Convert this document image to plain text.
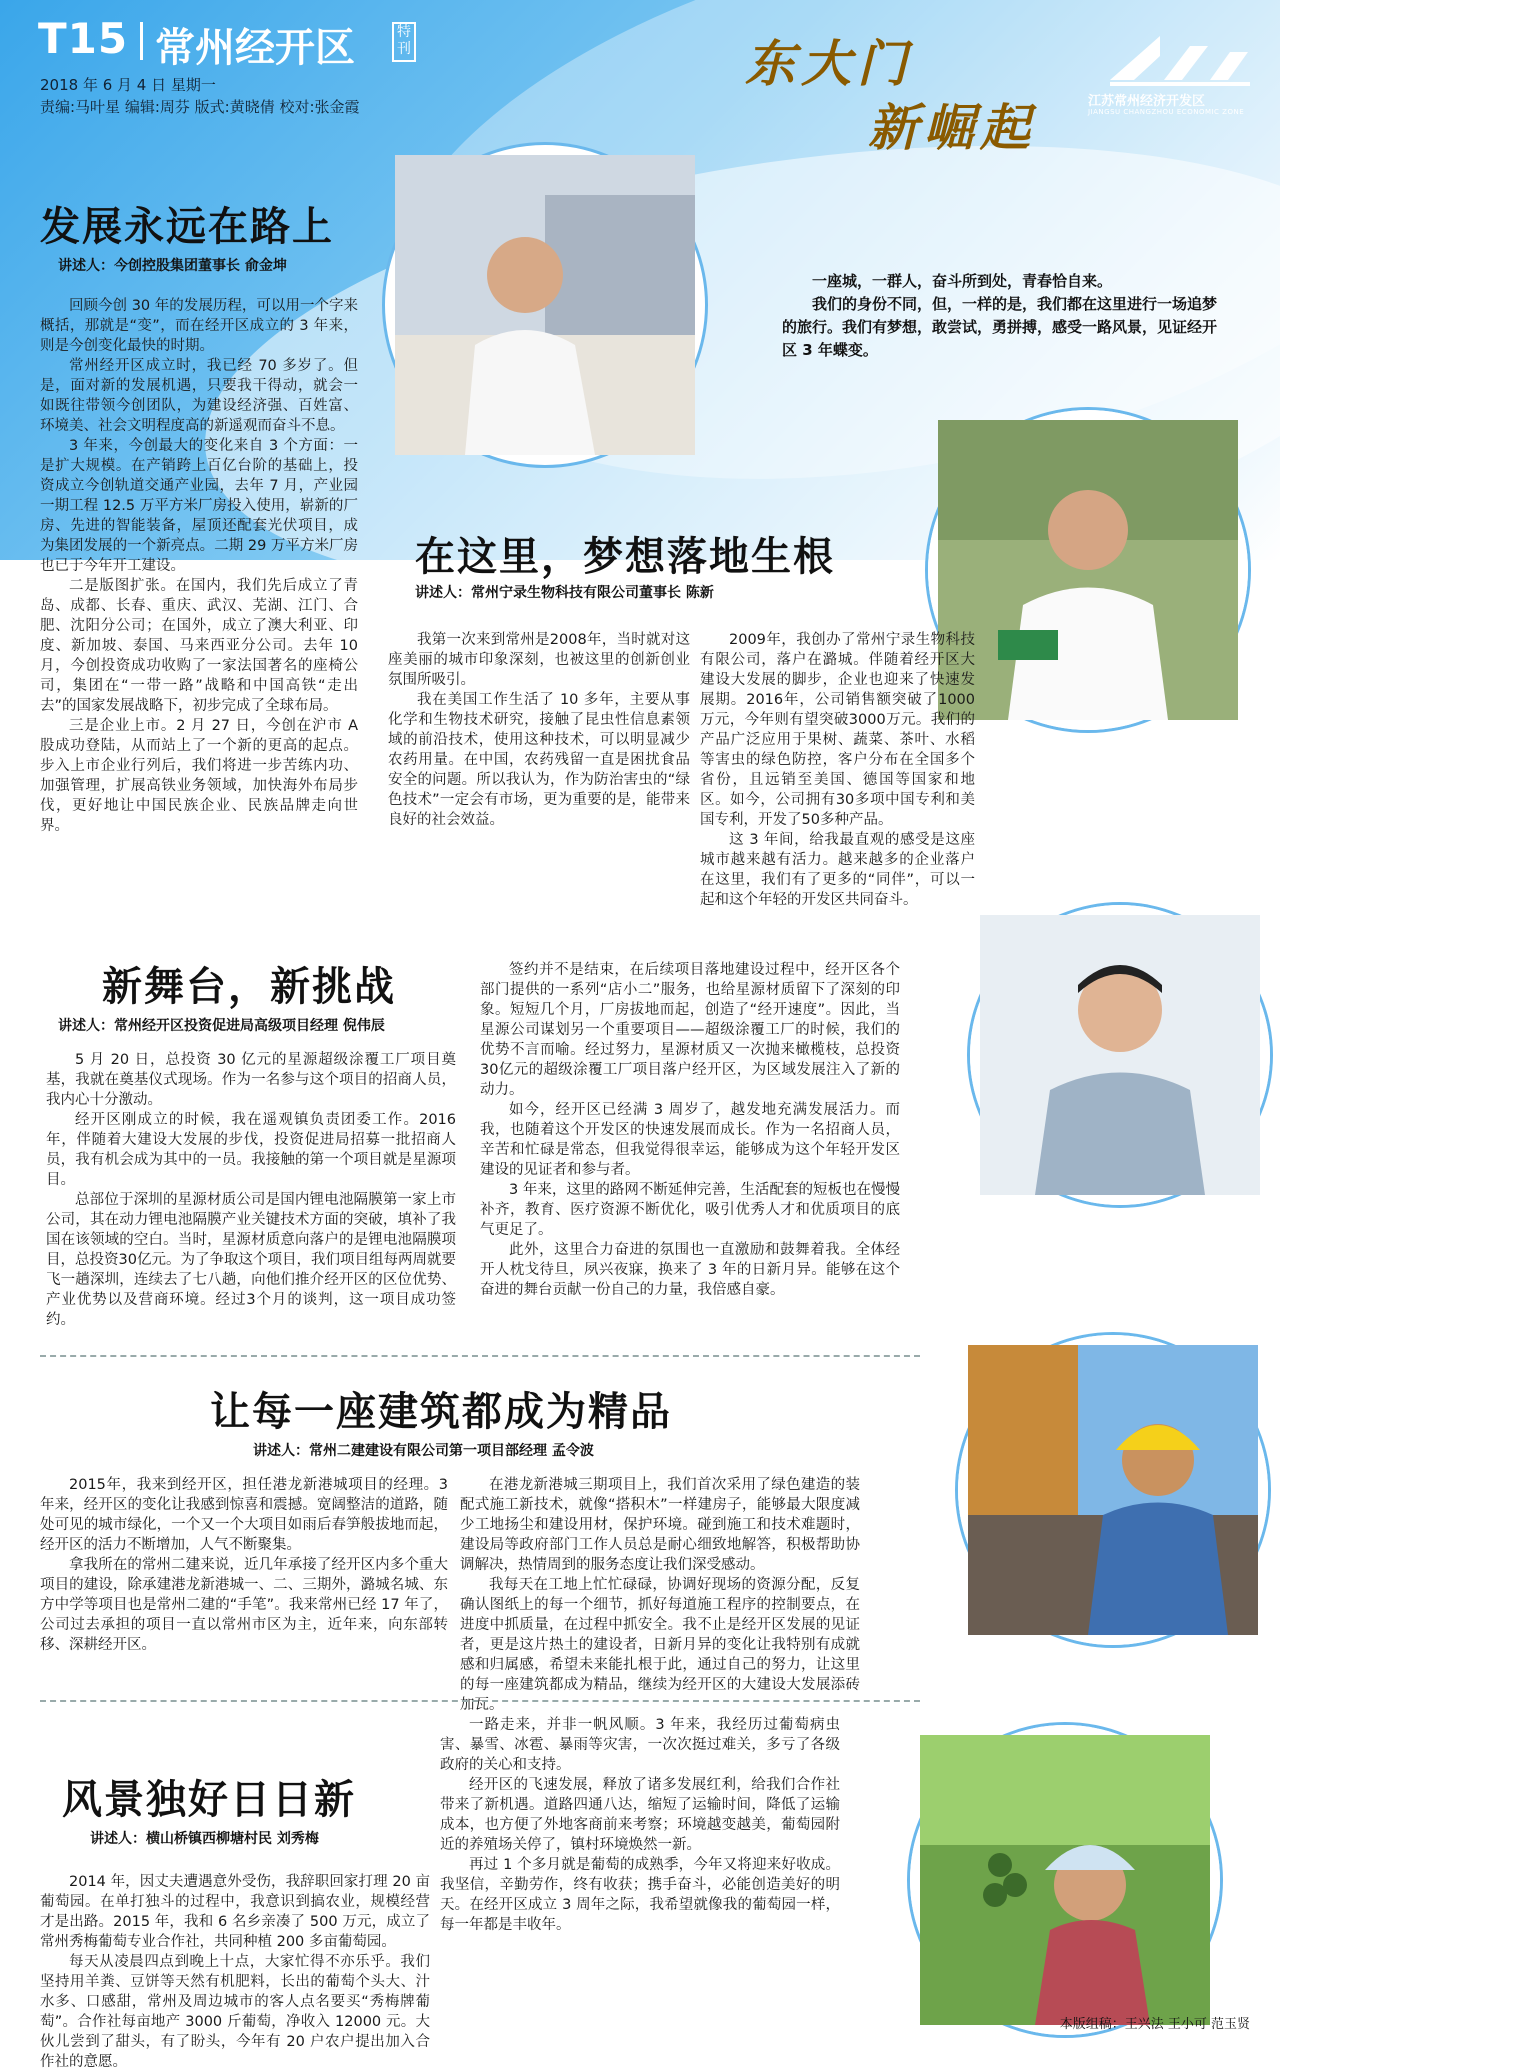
T15 常州经开区	特刊
2018 年 6 月 4 日 星期一
责编:马叶星 编辑:周芬 版式:黄晓倩 校对:张金霞
东大门
新崛起	江苏常州经济开发区
JIANGSU CHANGZHOU ECONOMIC ZONE

一座城，一群人，奋斗所到处，青春恰自来。

我们的身份不同，但，一样的是，我们都在这里进行一场追梦的旅行。我们有梦想，敢尝试，勇拼搏，感受一路风景，见证经开区 3 年蝶变。

发展永远在路上
讲述人：今创控股集团董事长 俞金坤

回顾今创 30 年的发展历程，可以用一个字来概括，那就是“变”，而在经开区成立的 3 年来，则是今创变化最快的时期。

常州经开区成立时，我已经 70 多岁了。但是，面对新的发展机遇，只要我干得动，就会一如既往带领今创团队，为建设经济强、百姓富、环境美、社会文明程度高的新遥观而奋斗不息。

3 年来，今创最大的变化来自 3 个方面：一是扩大规模。在产销跨上百亿台阶的基础上，投资成立今创轨道交通产业园，去年 7 月，产业园一期工程 12.5 万平方米厂房投入使用，崭新的厂房、先进的智能装备，屋顶还配套光伏项目，成为集团发展的一个新亮点。二期 29 万平方米厂房也已于今年开工建设。

二是版图扩张。在国内，我们先后成立了青岛、成都、长春、重庆、武汉、芜湖、江门、合肥、沈阳分公司；在国外，成立了澳大利亚、印度、新加坡、泰国、马来西亚分公司。去年 10 月，今创投资成功收购了一家法国著名的座椅公司，集团在“一带一路”战略和中国高铁“走出去”的国家发展战略下，初步完成了全球布局。

三是企业上市。2 月 27 日，今创在沪市 A 股成功登陆，从而站上了一个新的更高的起点。步入上市企业行列后，我们将进一步苦练内功、加强管理，扩展高铁业务领域，加快海外布局步伐，更好地让中国民族企业、民族品牌走向世界。

在这里，梦想落地生根
讲述人：常州宁录生物科技有限公司董事长 陈新

我第一次来到常州是2008年，当时就对这座美丽的城市印象深刻，也被这里的创新创业氛围所吸引。

我在美国工作生活了 10 多年，主要从事化学和生物技术研究，接触了昆虫性信息素领域的前沿技术，使用这种技术，可以明显减少农药用量。在中国，农药残留一直是困扰食品安全的问题。所以我认为，作为防治害虫的“绿色技术”一定会有市场，更为重要的是，能带来良好的社会效益。

2009年，我创办了常州宁录生物科技有限公司，落户在潞城。伴随着经开区大建设大发展的脚步，企业也迎来了快速发展期。2016年，公司销售额突破了1000万元，今年则有望突破3000万元。我们的产品广泛应用于果树、蔬菜、茶叶、水稻等害虫的绿色防控，客户分布在全国多个省份，且远销至美国、德国等国家和地区。如今，公司拥有30多项中国专利和美国专利，开发了50多种产品。

这 3 年间，给我最直观的感受是这座城市越来越有活力。越来越多的企业落户在这里，我们有了更多的“同伴”，可以一起和这个年轻的开发区共同奋斗。

新舞台，新挑战
讲述人：常州经开区投资促进局高级项目经理 倪伟辰

5 月 20 日，总投资 30 亿元的星源超级涂覆工厂项目奠基，我就在奠基仪式现场。作为一名参与这个项目的招商人员，我内心十分激动。

经开区刚成立的时候，我在遥观镇负责团委工作。2016 年，伴随着大建设大发展的步伐，投资促进局招募一批招商人员，我有机会成为其中的一员。我接触的第一个项目就是星源项目。

总部位于深圳的星源材质公司是国内锂电池隔膜第一家上市公司，其在动力锂电池隔膜产业关键技术方面的突破，填补了我国在该领域的空白。当时，星源材质意向落户的是锂电池隔膜项目，总投资30亿元。为了争取这个项目，我们项目组每两周就要飞一趟深圳，连续去了七八趟，向他们推介经开区的区位优势、产业优势以及营商环境。经过3个月的谈判，这一项目成功签约。

签约并不是结束，在后续项目落地建设过程中，经开区各个部门提供的一系列“店小二”服务，也给星源材质留下了深刻的印象。短短几个月，厂房拔地而起，创造了“经开速度”。因此，当星源公司谋划另一个重要项目——超级涂覆工厂的时候，我们的优势不言而喻。经过努力，星源材质又一次抛来橄榄枝，总投资30亿元的超级涂覆工厂项目落户经开区，为区域发展注入了新的动力。

如今，经开区已经满 3 周岁了，越发地充满发展活力。而我，也随着这个开发区的快速发展而成长。作为一名招商人员，辛苦和忙碌是常态，但我觉得很幸运，能够成为这个年轻开发区建设的见证者和参与者。

3 年来，这里的路网不断延伸完善，生活配套的短板也在慢慢补齐，教育、医疗资源不断优化，吸引优秀人才和优质项目的底气更足了。

此外，这里合力奋进的氛围也一直激励和鼓舞着我。全体经开人枕戈待旦，夙兴夜寐，换来了 3 年的日新月异。能够在这个奋进的舞台贡献一份自己的力量，我倍感自豪。

让每一座建筑都成为精品
讲述人：常州二建建设有限公司第一项目部经理 孟令波

2015年，我来到经开区，担任港龙新港城项目的经理。3 年来，经开区的变化让我感到惊喜和震撼。宽阔整洁的道路，随处可见的城市绿化，一个又一个大项目如雨后春笋般拔地而起，经开区的活力不断增加，人气不断聚集。

拿我所在的常州二建来说，近几年承接了经开区内多个重大项目的建设，除承建港龙新港城一、二、三期外，潞城名城、东方中学等项目也是常州二建的“手笔”。我来常州已经 17 年了，公司过去承担的项目一直以常州市区为主，近年来，向东部转移、深耕经开区。

在港龙新港城三期项目上，我们首次采用了绿色建造的装配式施工新技术，就像“搭积木”一样建房子，能够最大限度减少工地扬尘和建设用材，保护环境。碰到施工和技术难题时，建设局等政府部门工作人员总是耐心细致地解答，积极帮助协调解决，热情周到的服务态度让我们深受感动。

我每天在工地上忙忙碌碌，协调好现场的资源分配，反复确认图纸上的每一个细节，抓好每道施工程序的控制要点，在进度中抓质量，在过程中抓安全。我不止是经开区发展的见证者，更是这片热土的建设者，日新月异的变化让我特别有成就感和归属感，希望未来能扎根于此，通过自己的努力，让这里的每一座建筑都成为精品，继续为经开区的大建设大发展添砖加瓦。

风景独好日日新
讲述人：横山桥镇西柳塘村民 刘秀梅

2014 年，因丈夫遭遇意外受伤，我辞职回家打理 20 亩葡萄园。在单打独斗的过程中，我意识到搞农业，规模经营才是出路。2015 年，我和 6 名乡亲凑了 500 万元，成立了常州秀梅葡萄专业合作社，共同种植 200 多亩葡萄园。

每天从凌晨四点到晚上十点，大家忙得不亦乐乎。我们坚持用羊粪、豆饼等天然有机肥料，长出的葡萄个头大、汁水多、口感甜，常州及周边城市的客人点名要买“秀梅牌葡萄”。合作社每亩地产 3000 斤葡萄，净收入 12000 元。大伙儿尝到了甜头，有了盼头，今年有 20 户农户提出加入合作社的意愿。

一路走来，并非一帆风顺。3 年来，我经历过葡萄病虫害、暴雪、冰雹、暴雨等灾害，一次次挺过难关，多亏了各级政府的关心和支持。

经开区的飞速发展，释放了诸多发展红利，给我们合作社带来了新机遇。道路四通八达，缩短了运输时间，降低了运输成本，也方便了外地客商前来考察；环境越变越美，葡萄园附近的养殖场关停了，镇村环境焕然一新。

再过 1 个多月就是葡萄的成熟季，今年又将迎来好收成。我坚信，辛勤劳作，终有收获；携手奋斗，必能创造美好的明天。在经开区成立 3 周年之际，我希望就像我的葡萄园一样，每一年都是丰收年。

本版组稿：王兴法 王小可 范玉贤
